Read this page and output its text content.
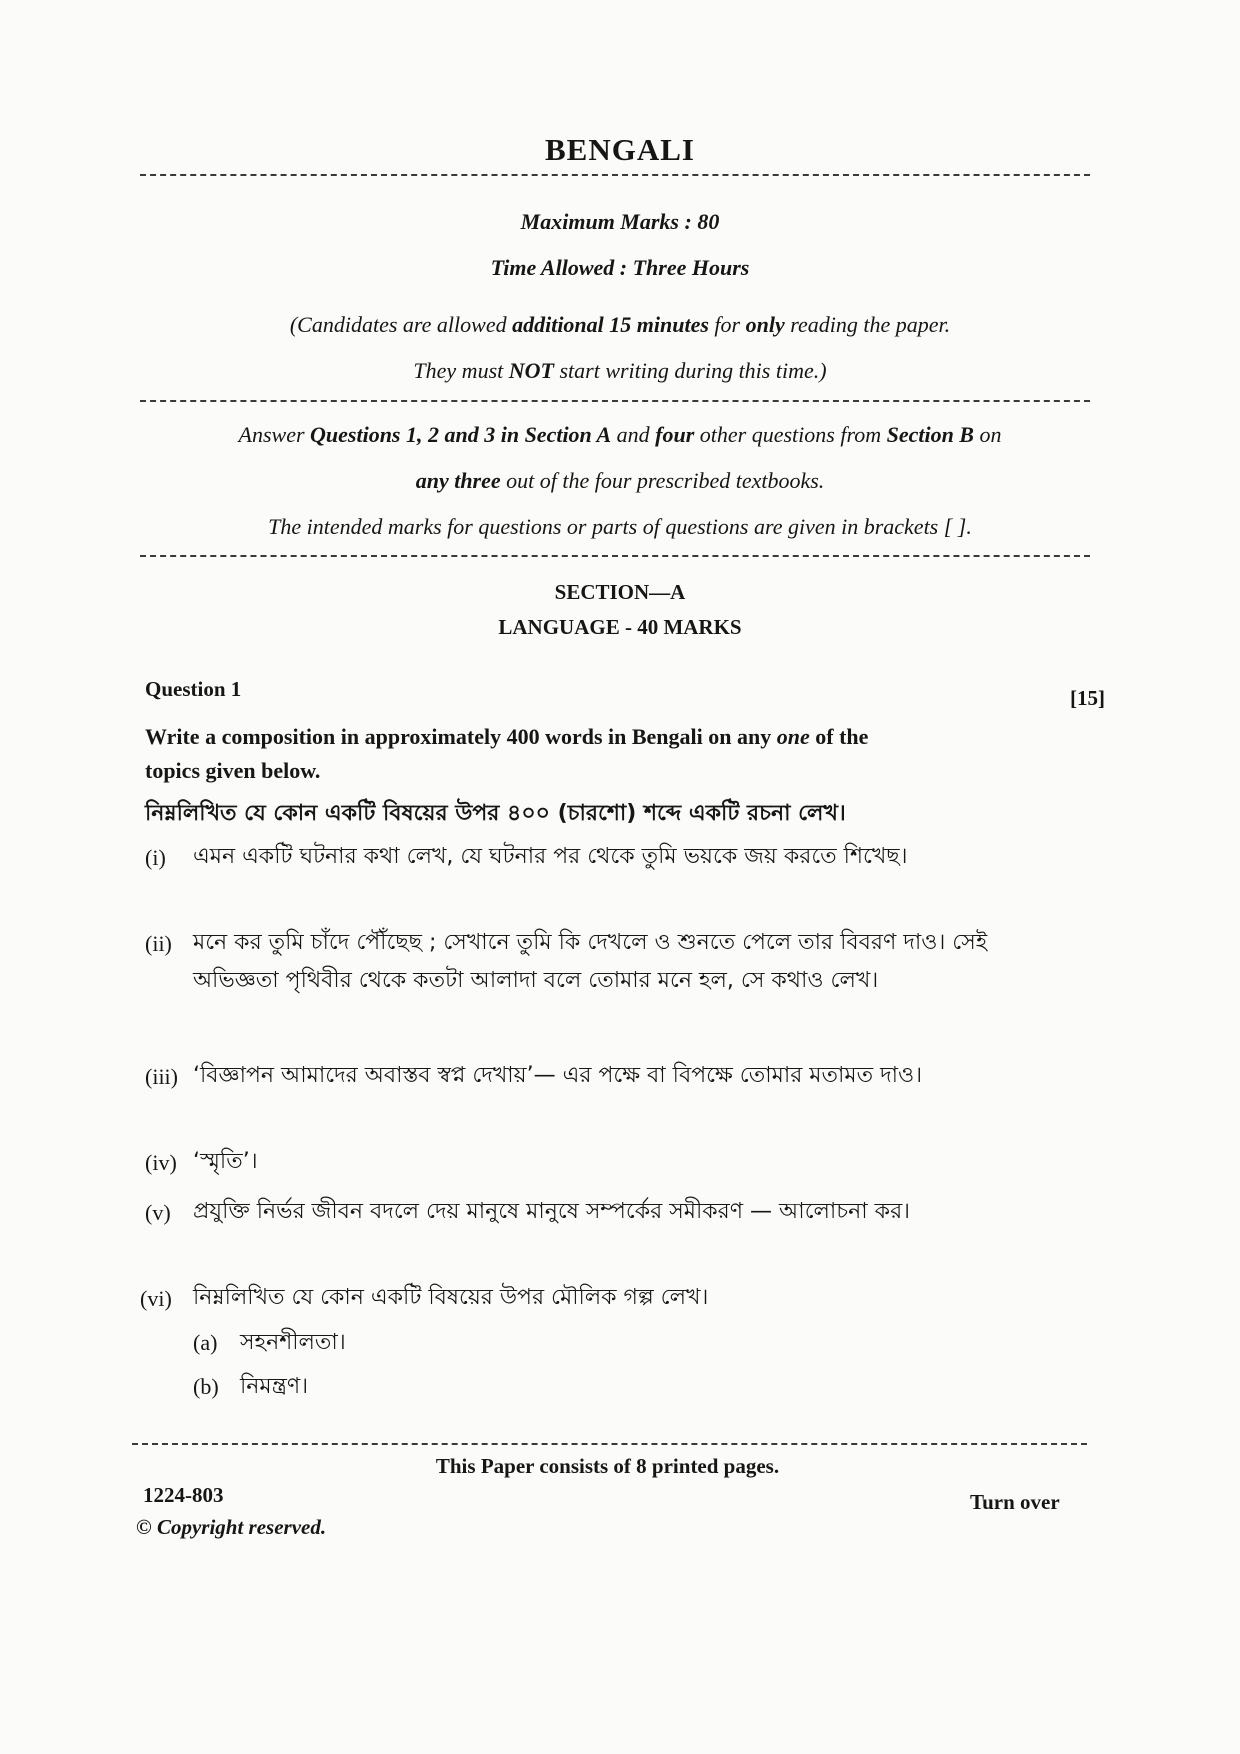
BENGALI
Maximum Marks : 80
Time Allowed : Three Hours
(Candidates are allowed additional 15 minutes for only reading the paper.
They must NOT start writing during this time.)
Answer Questions 1, 2 and 3 in Section A and four other questions from Section B on
any three out of the four prescribed textbooks.
The intended marks for questions or parts of questions are given in brackets [ ].
SECTION—A
LANGUAGE - 40 MARKS
Question 1	[15]
Write a composition in approximately 400 words in Bengali on any one of the
topics given below.
নিম্নলিখিত যে কোন একটি বিষয়ের উপর ৪০০ (চারশো) শব্দে একটি রচনা লেখ।
(i) এমন একটি ঘটনার কথা লেখ, যে ঘটনার পর থেকে তুমি ভয়কে জয় করতে শিখেছ।
(ii) মনে কর তুমি চাঁদে পৌঁছেছ ; সেখানে তুমি কি দেখলে ও শুনতে পেলে তার বিবরণ দাও। সেই অভিজ্ঞতা পৃথিবীর থেকে কতটা আলাদা বলে তোমার মনে হল, সে কথাও লেখ।
(iii) ‘বিজ্ঞাপন আমাদের অবাস্তব স্বপ্ন দেখায়’— এর পক্ষে বা বিপক্ষে তোমার মতামত দাও।
(iv) ‘স্মৃতি’।
(v) প্রযুক্তি নির্ভর জীবন বদলে দেয় মানুষে মানুষে সম্পর্কের সমীকরণ — আলোচনা কর।
(vi) নিম্নলিখিত যে কোন একটি বিষয়ের উপর মৌলিক গল্প লেখ।
(a) সহনশীলতা।
(b) নিমন্ত্রণ।
This Paper consists of 8 printed pages.
1224-803	Turn over
© Copyright reserved.
